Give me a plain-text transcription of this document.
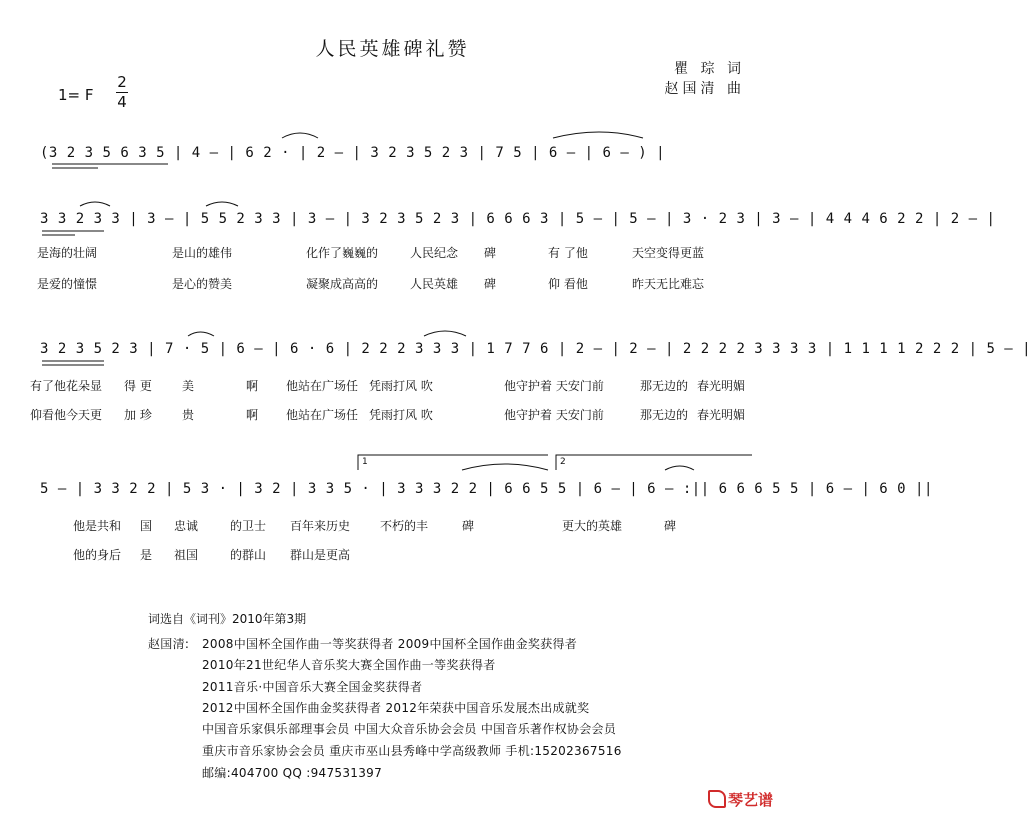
人民英雄碑礼赞
瞿 琮 词
赵国清 曲
1= F
2
4
(3 2 3 5 6 3 5 | 4 — | 6 2 · | 2 — | 3 2 3 5 2 3 | 7 5 | 6 — | 6 — ) |
3 3 2 3 3 | 3 — | 5 5 2 3 3 | 3 — | 3 2 3 5 2 3 | 6 6 6 3 | 5 — | 5 — | 3 · 2 3 | 3 — | 4 4 4 6 2 2 | 2 — |
3 2 3 5 2 3 | 7 · 5 | 6 — | 6 · 6 | 2 2 2 3 3 3 | 1 7 7 6 | 2 — | 2 — | 2 2 2 2 3 3 3 3 | 1 1 1 1 2 2 2 | 5 — |
5 — | 3 3 2 2 | 5 3 · | 3 2 | 3 3 5 · | 3 3 3 2 2 | 6 6 5 5 | 6 — | 6 — :|| 6 6 6 5 5 | 6 — | 6 0 ||
1	2
是海的壮阔	是山的雄伟	化作了巍巍的	人民纪念 碑	有 了他	天空变得更蓝
是爱的憧憬	是心的赞美	凝聚成高高的	人民英雄 碑	仰 看他	昨天无比难忘
有了他花朵显 得 更	美	啊 他站在广场任 凭雨打风 吹	他守护着 天安门前	那无边的 春光明媚
仰看他今天更 加 珍	贵	啊 他站在广场任 凭雨打风 吹	他守护着 天安门前	那无边的 春光明媚
他是共和 国 忠诚	的卫士 百年来历史 不朽的丰	碑	更大的英雄	碑
他的身后 是 祖国	的群山 群山是更高
词选自《词刊》2010年第3期
赵国清: 2008中国杯全国作曲一等奖获得者 2009中国杯全国作曲金奖获得者
2010年21世纪华人音乐奖大赛全国作曲一等奖获得者
2011音乐·中国音乐大赛全国金奖获得者
2012中国杯全国作曲金奖获得者 2012年荣获中国音乐发展杰出成就奖
中国音乐家俱乐部理事会员 中国大众音乐协会会员 中国音乐著作权协会会员
重庆市音乐家协会会员 重庆市巫山县秀峰中学高级教师 手机:15202367516
邮编:404700 QQ :947531397
琴艺谱
